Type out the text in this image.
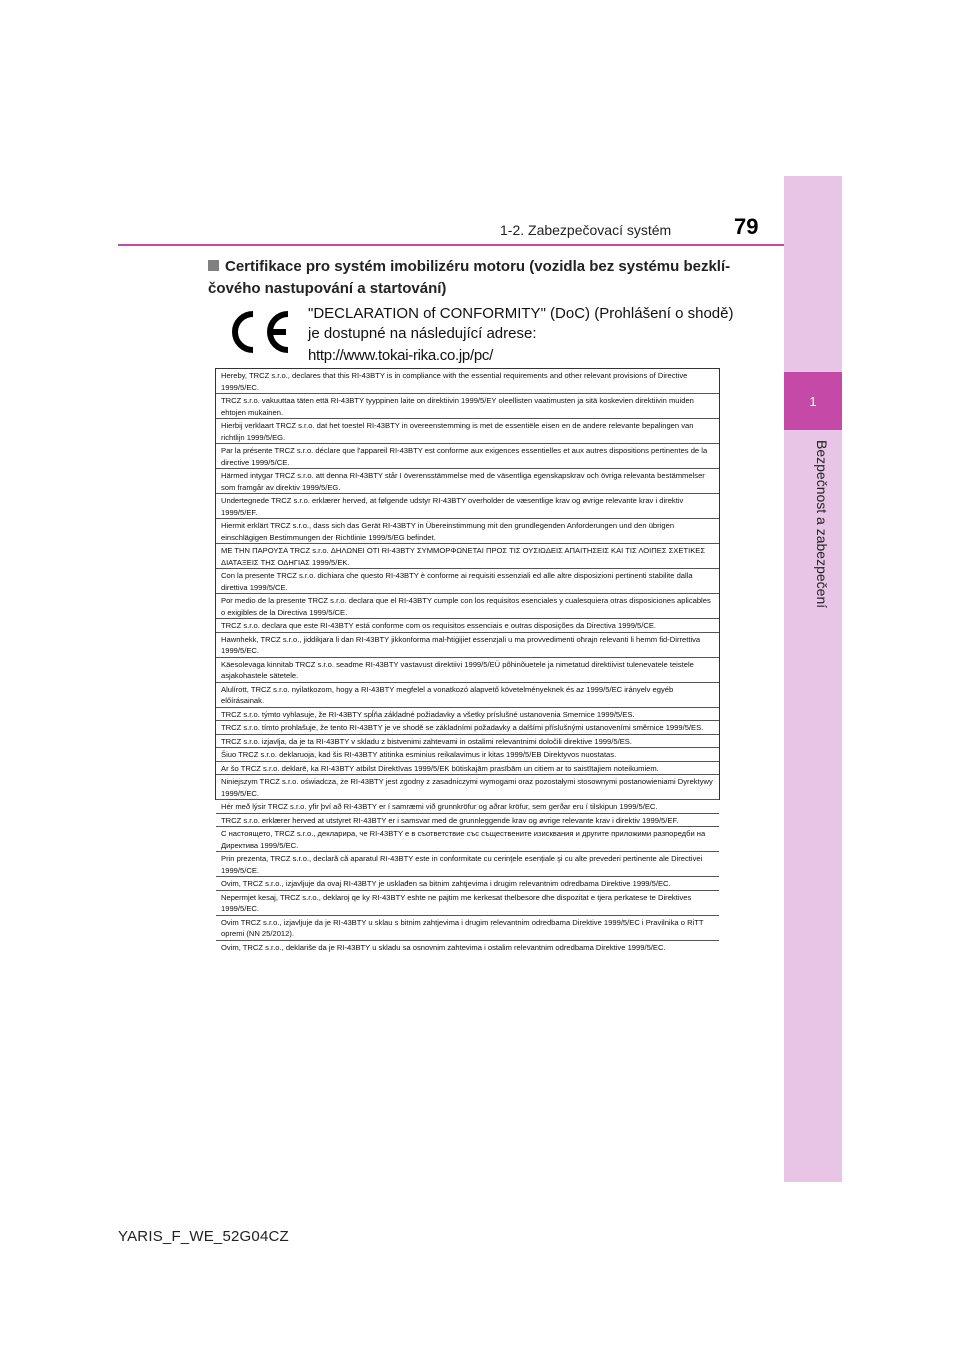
1
Bezpečnost a zabezpečení
1-2. Zabezpečovací systém	79
Certifikace pro systém imobilizéru motoru (vozidla bez systému bezklí-čového nastupování a startování)
"DECLARATION of CONFORMITY" (DoC) (Prohlášení o shodě)
je dostupné na následující adrese:
http://www.tokai-rika.co.jp/pc/
Hereby, TRCZ s.r.o., declares that this RI-43BTY is in compliance with the essential requirements and other relevant provisions of Directive 1999/5/EC.
TRCZ s.r.o. vakuuttaa täten että RI-43BTY tyyppinen laite on direktiivin 1999/5/EY oleellisten vaatimusten ja sitä koskevien direktiivin muiden ehtojen mukainen.
Hierbij verklaart TRCZ s.r.o. dat het toestel RI-43BTY in overeenstemming is met de essentiële eisen en de andere relevante bepalingen van richtlijn 1999/5/EG.
Par la présente TRCZ s.r.o. déclare que l'appareil RI-43BTY est conforme aux exigences essentielles et aux autres dispositions pertinentes de la directive 1999/5/CE.
Härmed intygar TRCZ s.r.o. att denna RI-43BTY står I överensstämmelse med de väsentliga egenskapskrav och övriga relevanta bestämmelser som framgår av direktiv 1999/5/EG.
Undertegnede TRCZ s.r.o. erklærer herved, at følgende udstyr RI-43BTY overholder de væsentlige krav og øvrige relevante krav i direktiv 1999/5/EF.
Hiermit erklärt TRCZ s.r.o., dass sich das Gerät RI-43BTY in Übereinstimmung mit den grundlegenden Anforderungen und den übrigen einschlägigen Bestimmungen der Richtlinie 1999/5/EG befindet.
ΜΕ ΤΗΝ ΠΑΡΟΥΣΑ TRCZ s.r.o. ΔΗΛΩΝΕΙ ΟΤΙ RI-43BTY ΣΥΜΜΟΡΦΩΝΕΤΑΙ ΠΡΟΣ ΤΙΣ ΟΥΣΙΩΔΕΙΣ ΑΠΑΙΤΗΣΕΙΣ ΚΑΙ ΤΙΣ ΛΟΙΠΕΣ ΣΧΕΤΙΚΕΣ ΔΙΑΤΑΞΕΙΣ ΤΗΣ ΟΔΗΓΙΑΣ 1999/5/ΕΚ.
Con la presente TRCZ s.r.o. dichiara che questo RI-43BTY è conforme ai requisiti essenziali ed alle altre disposizioni pertinenti stabilite dalla direttiva 1999/5/CE.
Por medio de la presente TRCZ s.r.o. declara que el RI-43BTY cumple con los requisitos esenciales y cualesquiera otras disposiciones aplicables o exigibles de la Directiva 1999/5/CE.
TRCZ s.r.o. declara que este RI-43BTY está conforme com os requisitos essenciais e outras disposições da Directiva 1999/5/CE.
Hawnhekk, TRCZ s.r.o., jiddikjara li dan RI-43BTY jikkonforma mal-ħtiġijiet essenzjali u ma provvedimenti oħrajn relevanti li hemm fid-Dirrettiva 1999/5/EC.
Käesolevaga kinnitab TRCZ s.r.o. seadme RI-43BTY vastavust direktiivi 1999/5/EÜ põhinõuetele ja nimetatud direktiivist tulenevatele teistele asjakohastele sätetele.
Alulírott, TRCZ s.r.o. nyilatkozom, hogy a RI-43BTY megfelel a vonatkozó alapvető követelményeknek és az 1999/5/EC irányelv egyéb előírásainak.
TRCZ s.r.o. týmto vyhlasuje, že RI-43BTY spĺňa základné požiadavky a všetky príslušné ustanovenia Smernice 1999/5/ES.
TRCZ s.r.o. tímto prohlašuje, že tento RI-43BTY je ve shodě se základními požadavky a dalšími příslušnými ustanoveními směrnice 1999/5/ES.
TRCZ s.r.o. izjavlja, da je ta RI-43BTY v skladu z bistvenimi zahtevami in ostalimi relevantnimi določili direktive 1999/5/ES.
Šiuo TRCZ s.r.o. deklaruoja, kad šis RI-43BTY atitinka esminius reikalavimus ir kitas 1999/5/EB Direktyvos nuostatas.
Ar šo TRCZ s.r.o. deklarē, ka RI-43BTY atbilst Direktīvas 1999/5/EK būtiskajām prasībām un citiem ar to saistītajiem noteikumiem.
Niniejszym TRCZ s.r.o. oświadcza, że RI-43BTY jest zgodny z zasadniczymi wymogami oraz pozostałymi stosownymi postanowieniami Dyrektywy 1999/5/EC.
Hér með lýsir TRCZ s.r.o. yfir því að RI-43BTY er í samræmi við grunnkröfur og aðrar kröfur, sem gerðar eru í tilskipun 1999/5/EC.
TRCZ s.r.o. erklærer herved at utstyret RI-43BTY er i samsvar med de grunnleggende krav og øvrige relevante krav i direktiv 1999/5/EF.
С настоящето, TRCZ s.r.o., декларира, че RI-43BTY е в съответствие със съществените изисквания и другите приложими разпоредби на Директива 1999/5/ЕС.
Prin prezenta, TRCZ s.r.o., declară că aparatul RI-43BTY este in conformitate cu cerinţele esenţiale şi cu alte prevederi pertinente ale Directivei 1999/5/CE.
Ovim, TRCZ s.r.o., izjavljuje da ovaj RI-43BTY je usklađen sa bitnim zahtjevima i drugim relevantnim odredbama Direktive 1999/5/EC.
Nepermjet kesaj, TRCZ s.r.o., deklaroj qe ky RI-43BTY eshte ne pajtim me kerkesat thelbesore dhe dispozitat e tjera perkatese te Direktives 1999/5/EC.
Ovim TRCZ s.r.o., izjavljuje da je RI-43BTY u sklau s bitnim zahtjevima i drugim relevantnim odredbama Direktive 1999/5/EC i Pravilnika o RiTT opremi (NN 25/2012).
Ovim, TRCZ s.r.o., deklariše da je RI-43BTY u skladu sa osnovnim zahtevima i ostalim relevantnim odredbama Direktive 1999/5/EC.
YARIS_F_WE_52G04CZ
